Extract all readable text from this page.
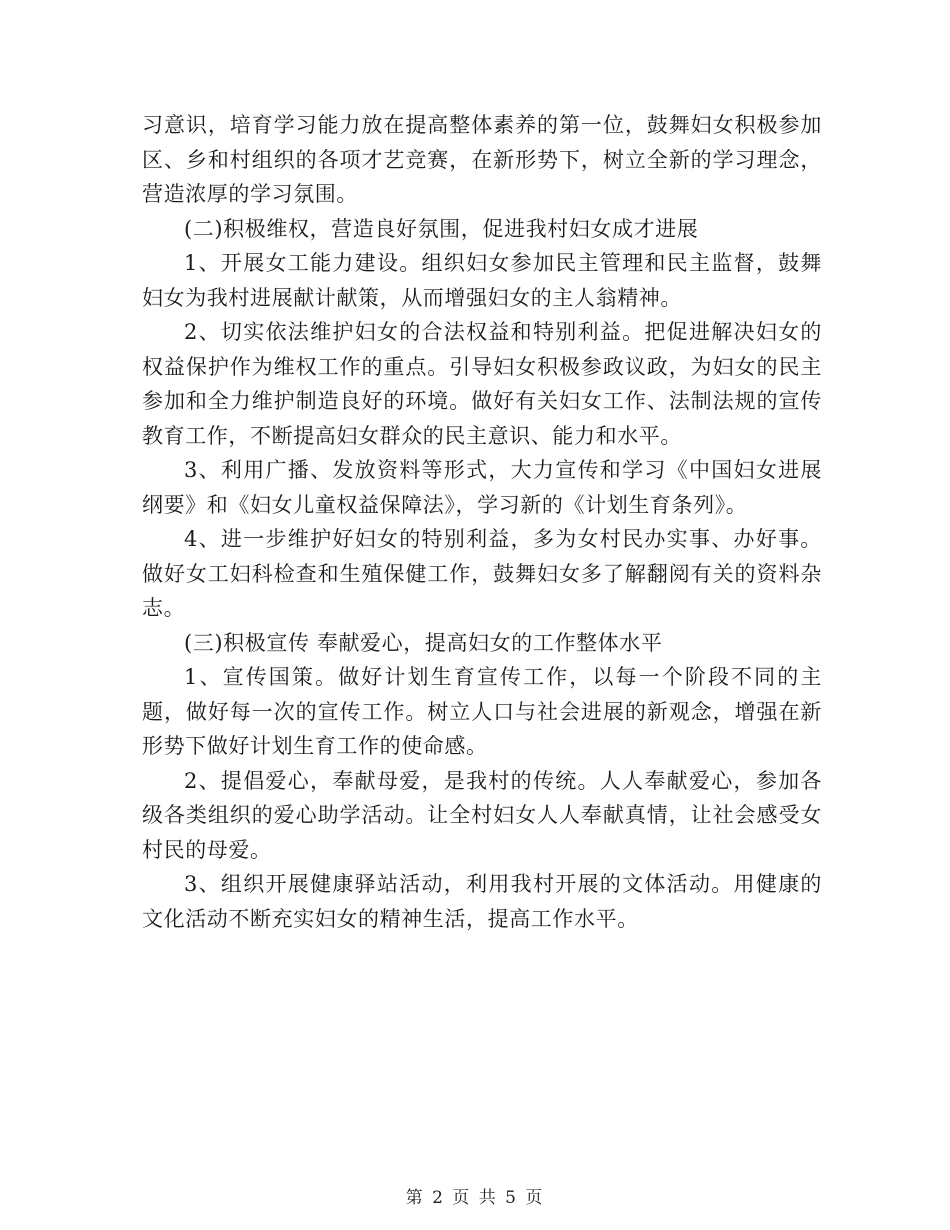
习意识，培育学习能力放在提高整体素养的第一位，鼓舞妇女积极参加区、乡和村组织的各项才艺竞赛，在新形势下，树立全新的学习理念，营造浓厚的学习氛围。

(二)积极维权，营造良好氛围，促进我村妇女成才进展

1、开展女工能力建设。组织妇女参加民主管理和民主监督，鼓舞妇女为我村进展献计献策，从而增强妇女的主人翁精神。

2、切实依法维护妇女的合法权益和特别利益。把促进解决妇女的权益保护作为维权工作的重点。引导妇女积极参政议政，为妇女的民主参加和全力维护制造良好的环境。做好有关妇女工作、法制法规的宣传教育工作，不断提高妇女群众的民主意识、能力和水平。

3、利用广播、发放资料等形式，大力宣传和学习《中国妇女进展纲要》和《妇女儿童权益保障法》，学习新的《计划生育条列》。

4、进一步维护好妇女的特别利益，多为女村民办实事、办好事。做好女工妇科检查和生殖保健工作，鼓舞妇女多了解翻阅有关的资料杂志。

(三)积极宣传 奉献爱心，提高妇女的工作整体水平

1、宣传国策。做好计划生育宣传工作，以每一个阶段不同的主题，做好每一次的宣传工作。树立人口与社会进展的新观念，增强在新形势下做好计划生育工作的使命感。

2、提倡爱心，奉献母爱，是我村的传统。人人奉献爱心，参加各级各类组织的爱心助学活动。让全村妇女人人奉献真情，让社会感受女村民的母爱。

3、组织开展健康驿站活动，利用我村开展的文体活动。用健康的文化活动不断充实妇女的精神生活，提高工作水平。

第 2 页 共 5 页
